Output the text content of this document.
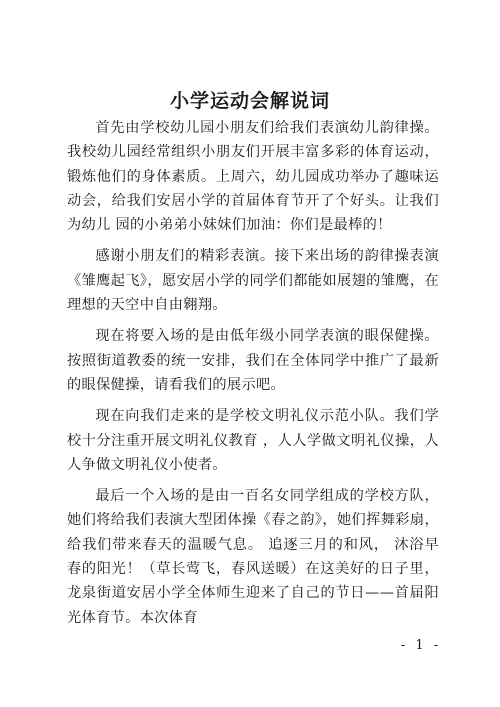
小学运动会解说词

首先由学校幼儿园小朋友们给我们表演幼儿韵律操。我校幼儿园经常组织小朋友们开展丰富多彩的体育运动，锻炼他们的身体素质。上周六，幼儿园成功举办了趣味运动会，给我们安居小学的首届体育节开了个好头。让我们为幼儿 园的小弟弟小妹妹们加油：你们是最棒的！

感谢小朋友们的精彩表演。接下来出场的韵律操表演《雏鹰起飞》，愿安居小学的同学们都能如展翅的雏鹰，在理想的天空中自由翱翔。

现在将要入场的是由低年级小同学表演的眼保健操。按照街道教委的统一安排，我们在全体同学中推广了最新的眼保健操，请看我们的展示吧。

现在向我们走来的是学校文明礼仪示范小队。我们学校十分注重开展文明礼仪教育 ，人人学做文明礼仪操，人人争做文明礼仪小使者。

最后一个入场的是由一百名女同学组成的学校方队，她们将给我们表演大型团体操《春之韵》，她们挥舞彩扇，给我们带来春天的温暖气息。 追逐三月的和风， 沐浴早春的阳光！（草长莺飞，春风送暖）在这美好的日子里，龙泉街道安居小学全体师生迎来了自己的节日——首届阳光体育节。本次体育

- 1 -
